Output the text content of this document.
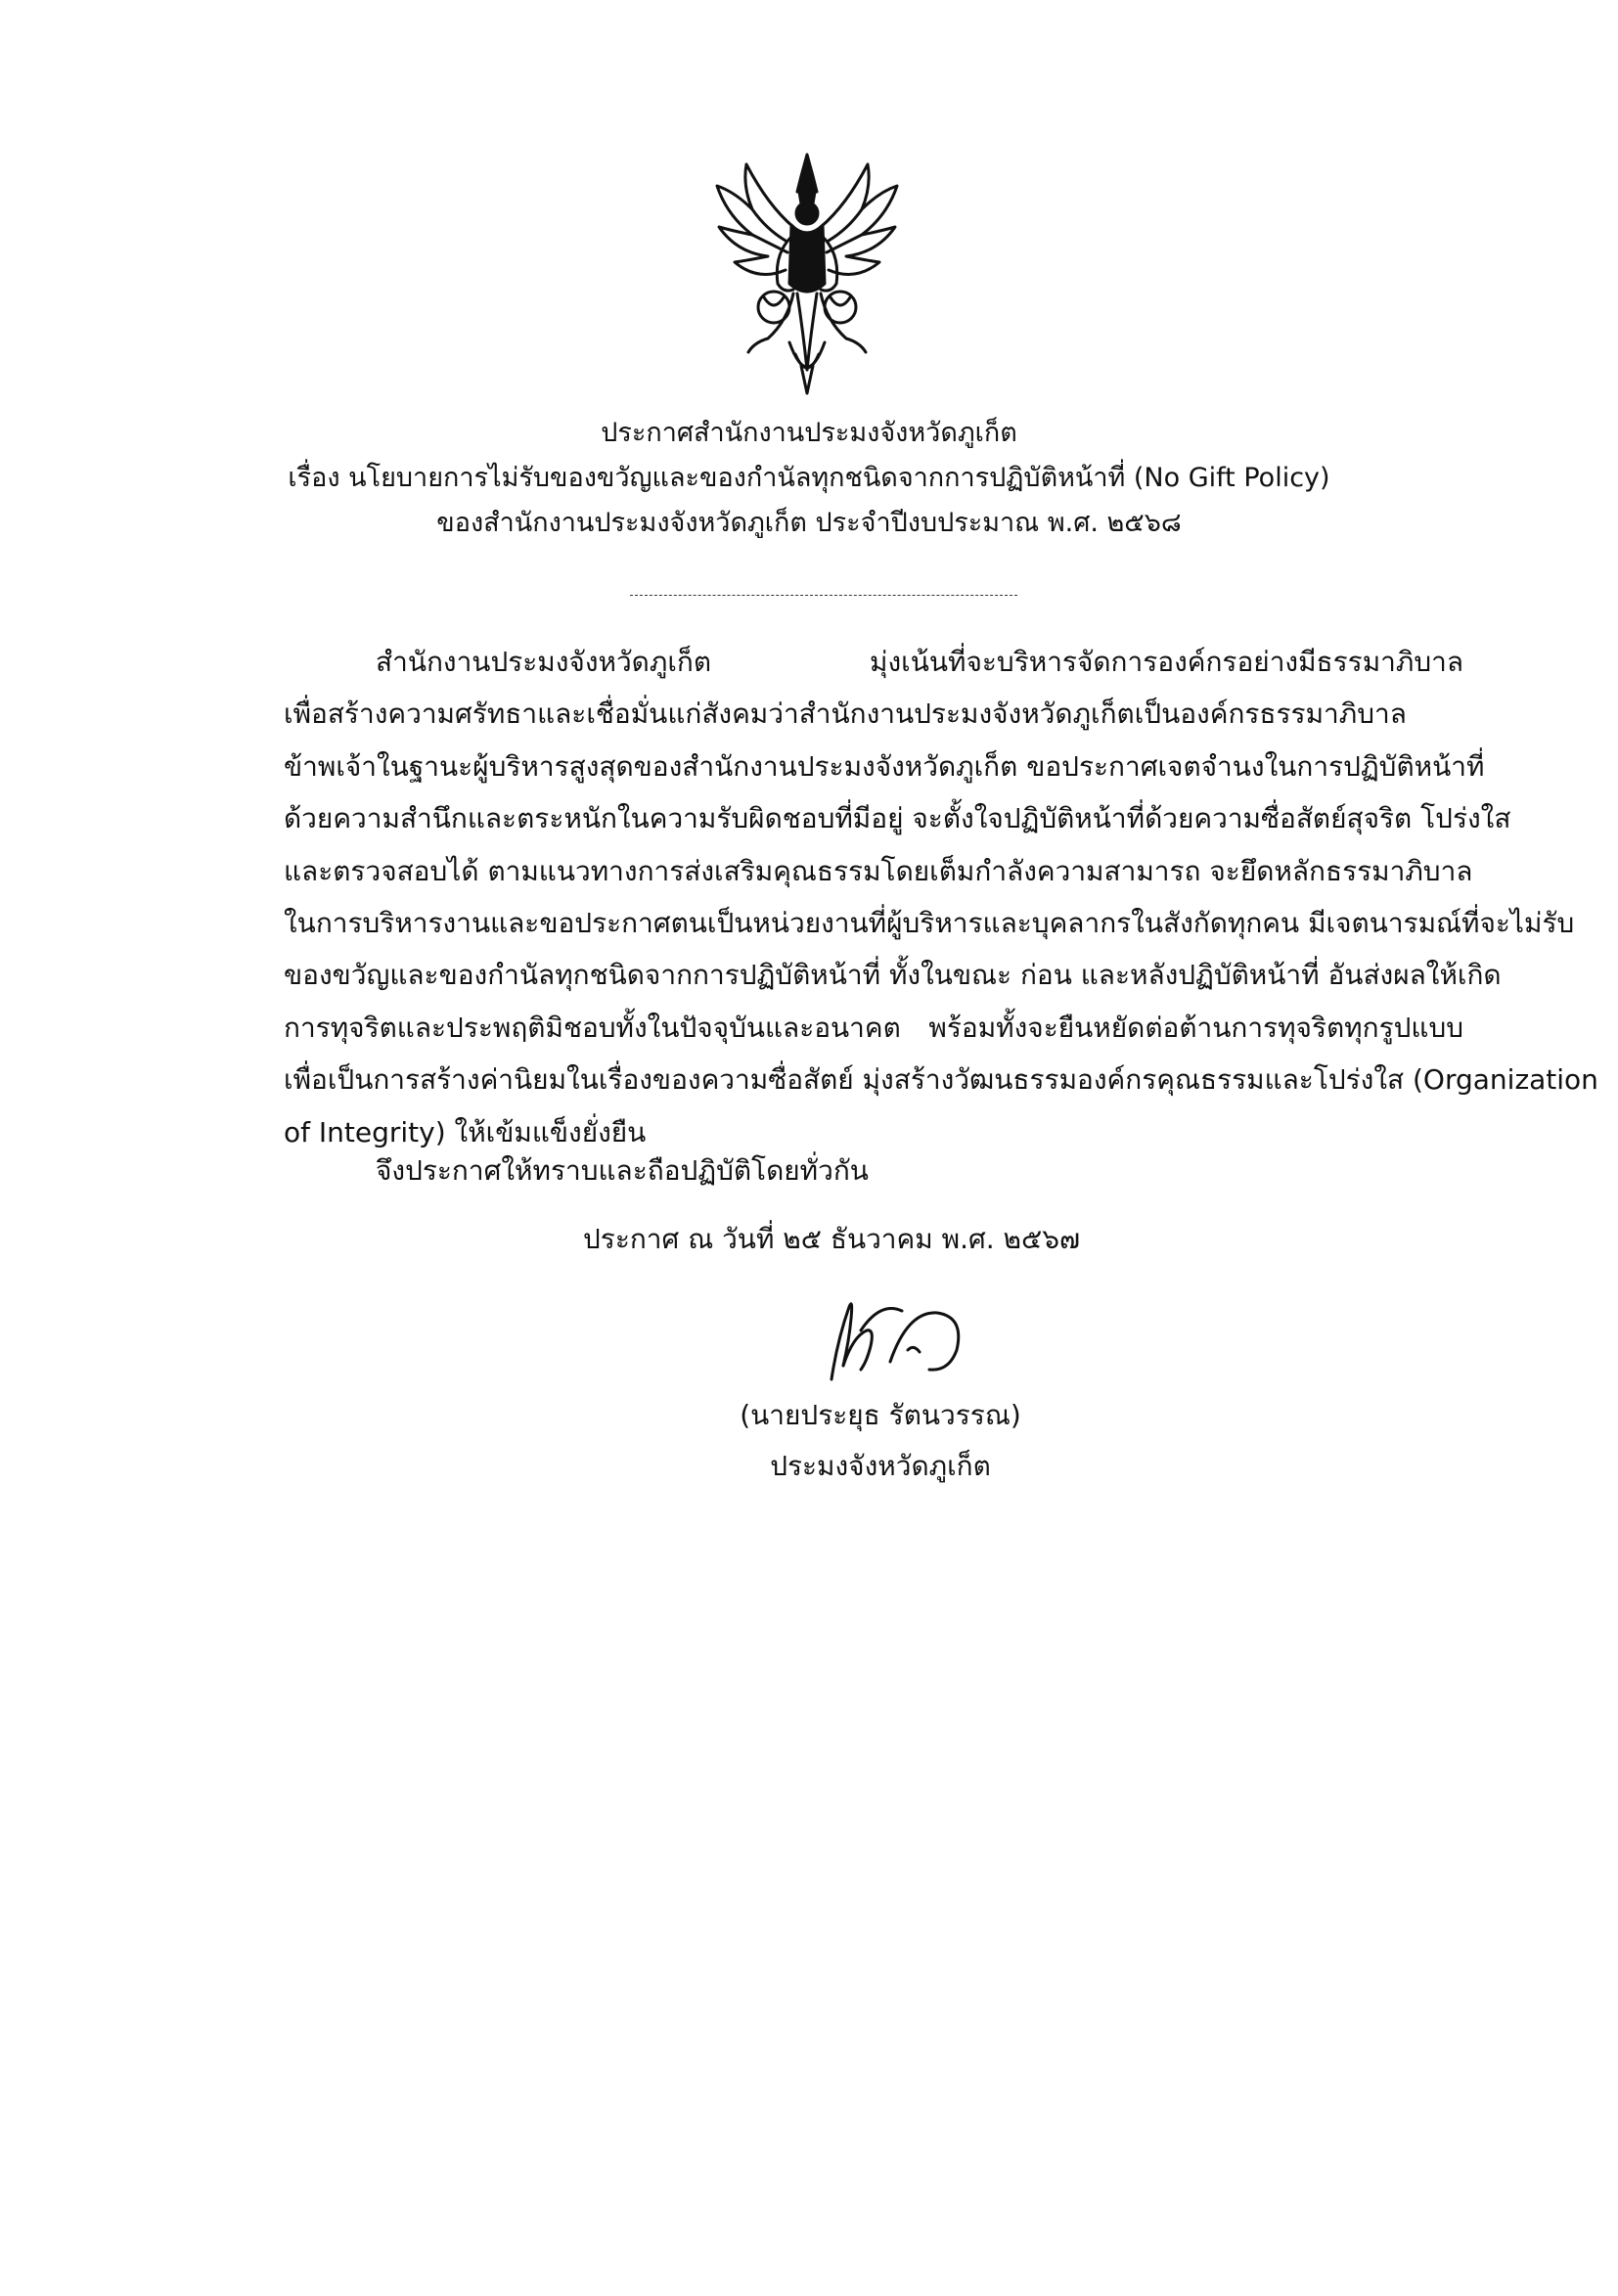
ประกาศสำนักงานประมงจังหวัดภูเก็ต
เรื่อง นโยบายการไม่รับของขวัญและของกำนัลทุกชนิดจากการปฏิบัติหน้าที่ (No Gift Policy)
ของสำนักงานประมงจังหวัดภูเก็ต ประจำปีงบประมาณ พ.ศ. ๒๕๖๘
สำนักงานประมงจังหวัดภูเก็ต มุ่งเน้นที่จะบริหารจัดการองค์กรอย่างมีธรรมาภิบาล
เพื่อสร้างความศรัทธาและเชื่อมั่นแก่สังคมว่าสำนักงานประมงจังหวัดภูเก็ตเป็นองค์กรธรรมาภิบาล
ข้าพเจ้าในฐานะผู้บริหารสูงสุดของสำนักงานประมงจังหวัดภูเก็ต ขอประกาศเจตจำนงในการปฏิบัติหน้าที่
ด้วยความสำนึกและตระหนักในความรับผิดชอบที่มีอยู่ จะตั้งใจปฏิบัติหน้าที่ด้วยความซื่อสัตย์สุจริต โปร่งใส
และตรวจสอบได้ ตามแนวทางการส่งเสริมคุณธรรมโดยเต็มกำลังความสามารถ จะยึดหลักธรรมาภิบาล
ในการบริหารงานและขอประกาศตนเป็นหน่วยงานที่ผู้บริหารและบุคลากรในสังกัดทุกคน มีเจตนารมณ์ที่จะไม่รับ
ของขวัญและของกำนัลทุกชนิดจากการปฏิบัติหน้าที่ ทั้งในขณะ ก่อน และหลังปฏิบัติหน้าที่ อันส่งผลให้เกิด
การทุจริตและประพฤติมิชอบทั้งในปัจจุบันและอนาคต พร้อมทั้งจะยืนหยัดต่อต้านการทุจริตทุกรูปแบบ
เพื่อเป็นการสร้างค่านิยมในเรื่องของความซื่อสัตย์ มุ่งสร้างวัฒนธรรมองค์กรคุณธรรมและโปร่งใส (Organization
of Integrity) ให้เข้มแข็งยั่งยืน
จึงประกาศให้ทราบและถือปฏิบัติโดยทั่วกัน
ประกาศ ณ วันที่ ๒๕ ธันวาคม พ.ศ. ๒๕๖๗
(นายประยุธ รัตนวรรณ)
ประมงจังหวัดภูเก็ต
